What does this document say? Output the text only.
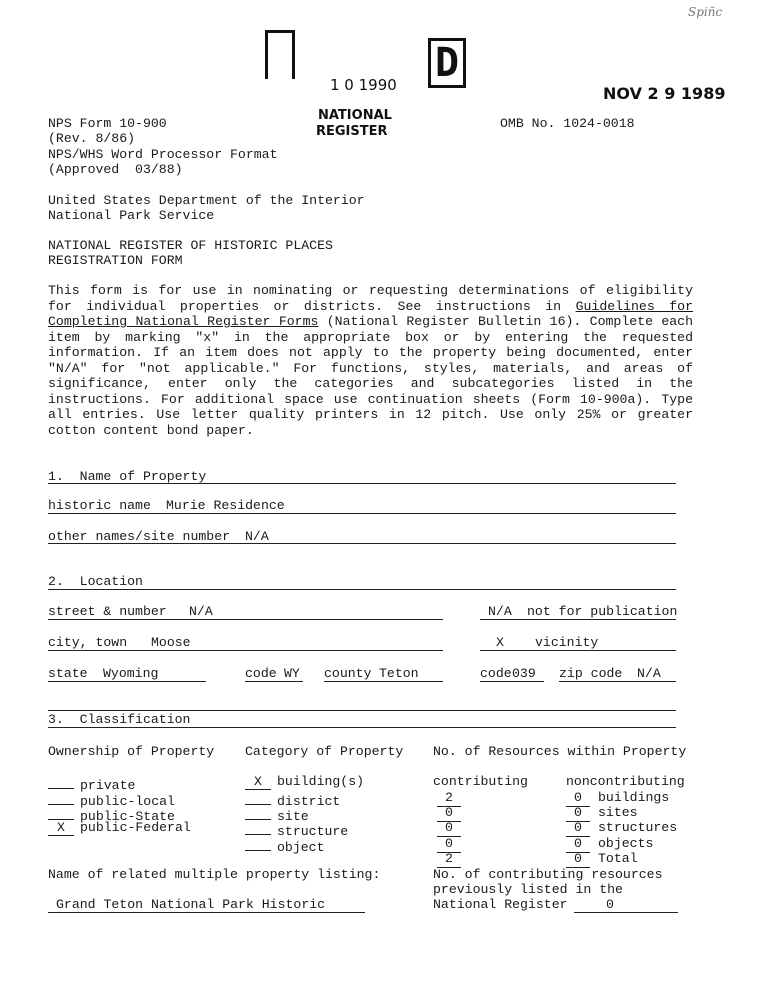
Spiñc
D
1 0 1990
NATIONAL
REGISTER
NOV 2 9 1989
NPS Form 10-900
(Rev. 8/86)
NPS/WHS Word Processor Format
(Approved  03/88)
OMB No. 1024-0018
United States Department of the Interior
National Park Service
NATIONAL REGISTER OF HISTORIC PLACES
REGISTRATION FORM
This form is for use in nominating or requesting determinations of eligibility for individual properties or districts. See instructions in Guidelines for Completing National Register Forms (National Register Bulletin 16). Complete each item by marking "x" in the appropriate box or by entering the requested information. If an item does not apply to the property being documented, enter "N/A" for "not applicable." For functions, styles, materials, and areas of significance, enter only the categories and subcategories listed in the instructions. For additional space use continuation sheets (Form 10-900a). Type all entries. Use letter quality printers in 12 pitch. Use only 25% or greater cotton content bond paper.
1.  Name of Property
historic name Murie Residence
other names/site number N/A
2.  Location
street & number N/A	N/A not for publication
city, town Moose	X vicinity
state Wyoming	code WY county Teton	code 039 zip code N/A
3.  Classification
Ownership of Property Category of Property No. of Resources within Property
private
public-local
public-State
X public-Federal
X building(s)
district
site
structure
object
contributing	noncontributing
2	0 buildings
0	0 sites
0	0 structures
0	0 objects
2	0 Total
Name of related multiple property listing:
Grand Teton National Park Historic
No. of contributing resources
previously listed in the
National Register	0
